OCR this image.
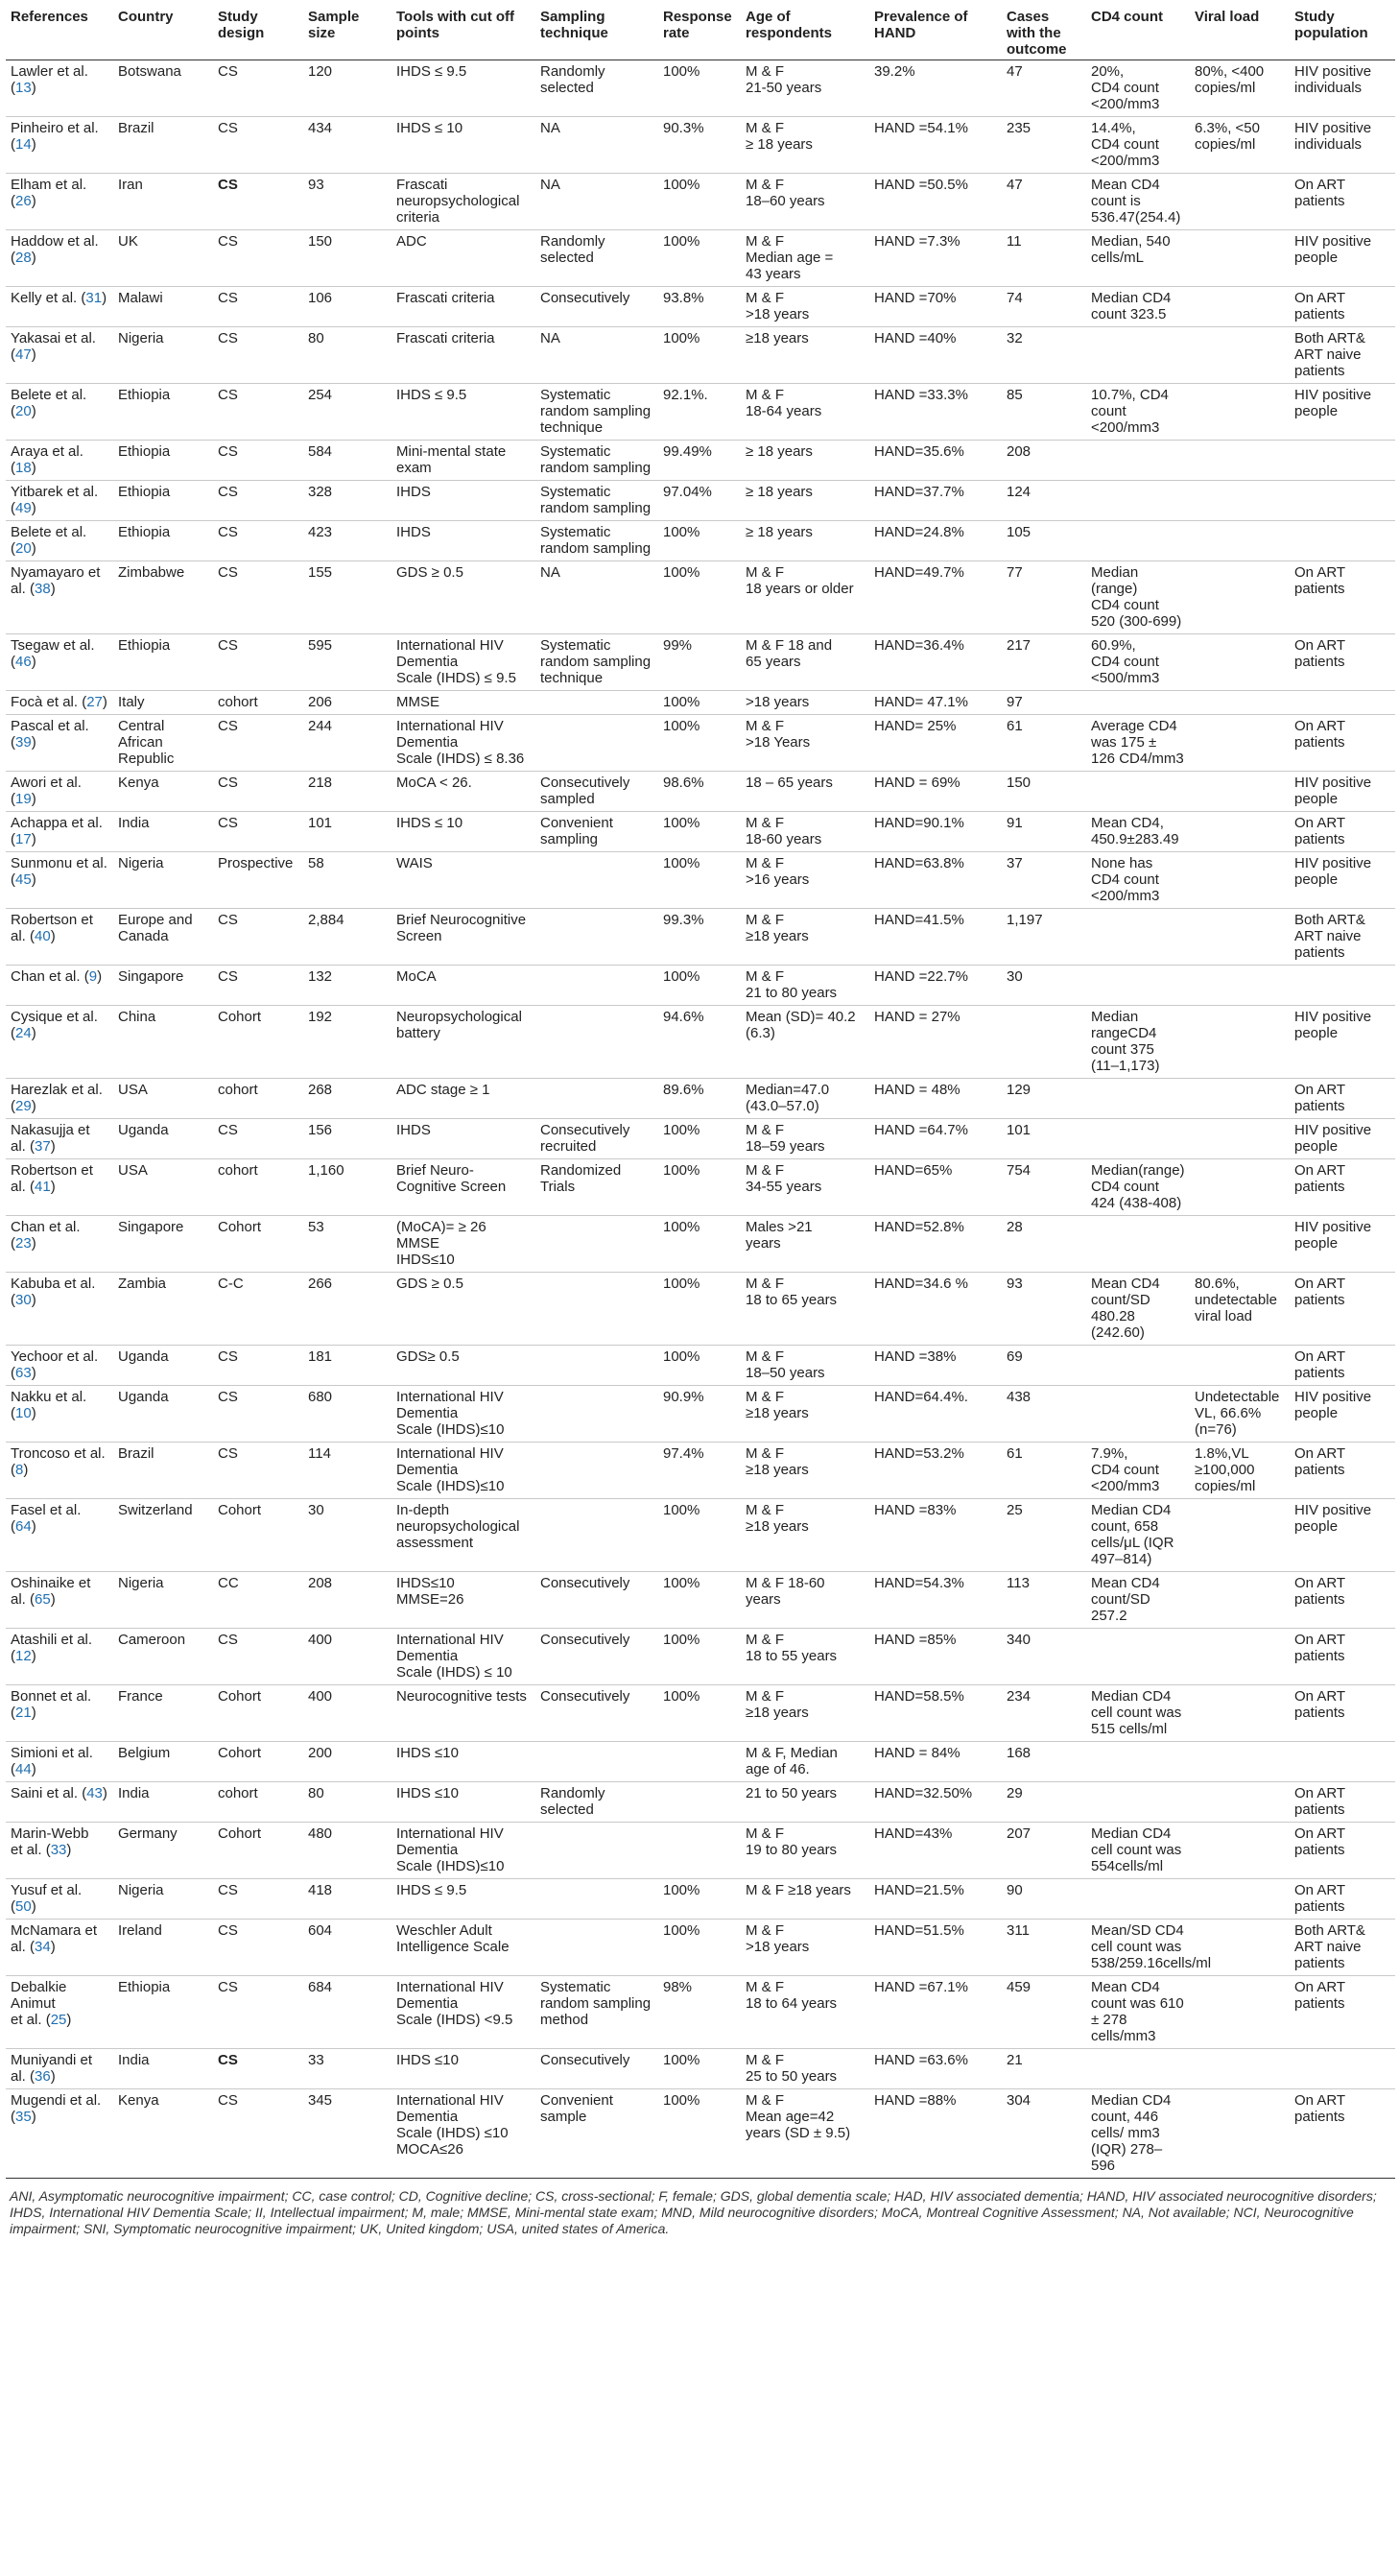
References	Country	Study design	Sample size	Tools with cut off points	Sampling technique	Response rate	Age of respondents	Prevalence of HAND	Cases with the outcome	CD4 count	Viral load	Study population

Lawler et al. (13)	Botswana	CS	120	IHDS ≤ 9.5	Randomly selected	100%	M & F
21-50 years	39.2%	47	20%,
CD4 count
<200/mm3	80%, <400
copies/ml	HIV positive
individuals

Pinheiro et al. (14)	Brazil	CS	434	IHDS ≤ 10	NA	90.3%	M & F
≥ 18 years	HAND =54.1%	235	14.4%,
CD4 count
<200/mm3	6.3%, <50
copies/ml	HIV positive
individuals

Elham et al. (26)	Iran	CS	93	Frascati
neuropsychological
criteria	NA	100%	M & F
18–60 years	HAND =50.5%	47	Mean CD4
count is
536.47(254.4)		On ART
patients

Haddow et al. (28)	UK	CS	150	ADC	Randomly
selected	100%	M & F
Median age =
43 years	HAND =7.3%	11	Median, 540
cells/mL		HIV positive
people

Kelly et al. (31)	Malawi	CS	106	Frascati criteria	Consecutively	93.8%	M & F
>18 years	HAND =70%	74	Median CD4
count 323.5		On ART
patients

Yakasai et al. (47)	Nigeria	CS	80	Frascati criteria	NA	100%	≥18 years	HAND =40%	32			Both ART&
ART naive
patients

Belete et al. (20)	Ethiopia	CS	254	IHDS ≤ 9.5	Systematic
random sampling
technique	92.1%.	M & F
18-64 years	HAND =33.3%	85	10.7%, CD4
count
<200/mm3		HIV positive
people

Araya et al. (18)	Ethiopia	CS	584	Mini-mental state
exam	Systematic
random sampling	99.49%	≥ 18 years	HAND=35.6%	208			

Yitbarek et al. (49)	Ethiopia	CS	328	IHDS	Systematic
random sampling	97.04%	≥ 18 years	HAND=37.7%	124			

Belete et al. (20)	Ethiopia	CS	423	IHDS	Systematic
random sampling	100%	≥ 18 years	HAND=24.8%	105			

Nyamayaro et al. (38)	Zimbabwe	CS	155	GDS ≥ 0.5	NA	100%	M & F
18 years or older	HAND=49.7%	77	Median (range)
CD4 count
520 (300-699)		On ART
patients

Tsegaw et al. (46)	Ethiopia	CS	595	International HIV
Dementia
Scale (IHDS) ≤ 9.5	Systematic
random sampling
technique	99%	M & F 18 and
65 years	HAND=36.4%	217	60.9%,
CD4 count
<500/mm3		On ART
patients

Focà et al. (27)	Italy	cohort	206	MMSE		100%	>18 years	HAND= 47.1%	97			

Pascal et al. (39)	Central
African
Republic	CS	244	International HIV
Dementia
Scale (IHDS) ≤ 8.36		100%	M & F
>18 Years	HAND= 25%	61	Average CD4
was 175 ±
126 CD4/mm3		On ART
patients

Awori et al. (19)	Kenya	CS	218	MoCA < 26.	Consecutively
sampled	98.6%	18 – 65 years	HAND = 69%	150			HIV positive
people

Achappa et al. (17)	India	CS	101	IHDS ≤ 10	Convenient
sampling	100%	M & F
18-60 years	HAND=90.1%	91	Mean CD4,
450.9±283.49		On ART
patients

Sunmonu et al. (45)	Nigeria	Prospective	58	WAIS		100%	M & F
>16 years	HAND=63.8%	37	None has
CD4 count
<200/mm3		HIV positive
people

Robertson et al. (40)	Europe and
Canada	CS	2,884	Brief Neurocognitive
Screen		99.3%	M & F
≥18 years	HAND=41.5%	1,197			Both ART&
ART naive
patients

Chan et al. (9)	Singapore	CS	132	MoCA		100%	M & F
21 to 80 years	HAND =22.7%	30			

Cysique et al. (24)	China	Cohort	192	Neuropsychological
battery		94.6%	Mean (SD)= 40.2
(6.3)	HAND = 27%		Median
rangeCD4
count 375
(11–1,173)		HIV positive
people

Harezlak et al. (29)	USA	cohort	268	ADC stage ≥ 1		89.6%	Median=47.0
(43.0–57.0)	HAND = 48%	129			On ART
patients

Nakasujja et al. (37)	Uganda	CS	156	IHDS	Consecutively
recruited	100%	M & F
18–59 years	HAND =64.7%	101			HIV positive
people

Robertson et al. (41)	USA	cohort	1,160	Brief Neuro-
Cognitive Screen	Randomized Trials	100%	M & F
34-55 years	HAND=65%	754	Median(range)
CD4 count
424 (438-408)		On ART
patients

Chan et al. (23)	Singapore	Cohort	53	(MoCA)= ≥ 26
MMSE
IHDS≤10		100%	Males >21
years	HAND=52.8%	28			HIV positive
people

Kabuba et al. (30)	Zambia	C-C	266	GDS ≥ 0.5		100%	M & F
18 to 65 years	HAND=34.6 %	93	Mean CD4
count/SD
480.28
(242.60)	80.6%,
undetectable
viral load	On ART
patients

Yechoor et al. (63)	Uganda	CS	181	GDS≥ 0.5		100%	M & F
18–50 years	HAND =38%	69			On ART
patients

Nakku et al. (10)	Uganda	CS	680	International HIV
Dementia
Scale (IHDS)≤10		90.9%	M & F
≥18 years	HAND=64.4%.	438		Undetectable
VL, 66.6%
(n=76)	HIV positive
people

Troncoso et al. (8)	Brazil	CS	114	International HIV
Dementia
Scale (IHDS)≤10		97.4%	M & F
≥18 years	HAND=53.2%	61	7.9%,
CD4 count
<200/mm3	1.8%,VL
≥100,000
copies/ml	On ART
patients

Fasel et al. (64)	Switzerland	Cohort	30	In-depth
neuropsychological
assessment		100%	M & F
≥18 years	HAND =83%	25	Median CD4
count, 658
cells/μL (IQR
497–814)		HIV positive
people

Oshinaike et al. (65)	Nigeria	CC	208	IHDS≤10
MMSE=26	Consecutively	100%	M & F 18-60
years	HAND=54.3%	113	Mean CD4
count/SD
257.2		On ART
patients

Atashili et al. (12)	Cameroon	CS	400	International HIV
Dementia
Scale (IHDS) ≤ 10	Consecutively	100%	M & F
18 to 55 years	HAND =85%	340			On ART
patients

Bonnet et al. (21)	France	Cohort	400	Neurocognitive tests	Consecutively	100%	M & F
≥18 years	HAND=58.5%	234	Median CD4
cell count was
515 cells/ml		On ART
patients

Simioni et al. (44)	Belgium	Cohort	200	IHDS ≤10			M & F, Median
age of 46.	HAND = 84%	168			

Saini et al. (43)	India	cohort	80	IHDS ≤10	Randomly
selected		21 to 50 years	HAND=32.50%	29			On ART
patients

Marin-Webb
et al. (33)	Germany	Cohort	480	International HIV
Dementia
Scale (IHDS)≤10			M & F
19 to 80 years	HAND=43%	207	Median CD4
cell count was
554cells/ml		On ART
patients

Yusuf et al. (50)	Nigeria	CS	418	IHDS ≤ 9.5		100%	M & F ≥18 years	HAND=21.5%	90			On ART
patients

McNamara et al. (34)	Ireland	CS	604	Weschler Adult
Intelligence Scale		100%	M & F
>18 years	HAND=51.5%	311	Mean/SD CD4
cell count was
538/259.16cells/ml		Both ART&
ART naive
patients

Debalkie Animut
et al. (25)	Ethiopia	CS	684	International HIV
Dementia
Scale (IHDS) <9.5	Systematic
random sampling
method	98%	M & F
18 to 64 years	HAND =67.1%	459	Mean CD4
count was 610
± 278
cells/mm3		On ART
patients

Muniyandi et al. (36)	India	CS	33	IHDS ≤10	Consecutively	100%	M & F
25 to 50 years	HAND =63.6%	21			

Mugendi et al. (35)	Kenya	CS	345	International HIV
Dementia
Scale (IHDS) ≤10
MOCA≤26	Convenient
sample	100%	M & F
Mean age=42
years (SD ± 9.5)	HAND =88%	304	Median CD4
count, 446
cells/ mm3
(IQR) 278–596		On ART
patients
ANI, Asymptomatic neurocognitive impairment; CC, case control; CD, Cognitive decline; CS, cross-sectional; F, female; GDS, global dementia scale; HAD, HIV associated dementia; HAND, HIV associated neurocognitive disorders; IHDS, International HIV Dementia Scale; II, Intellectual impairment; M, male; MMSE, Mini-mental state exam; MND, Mild neurocognitive disorders; MoCA, Montreal Cognitive Assessment; NA, Not available; NCI, Neurocognitive impairment; SNI, Symptomatic neurocognitive impairment; UK, United kingdom; USA, united states of America.
